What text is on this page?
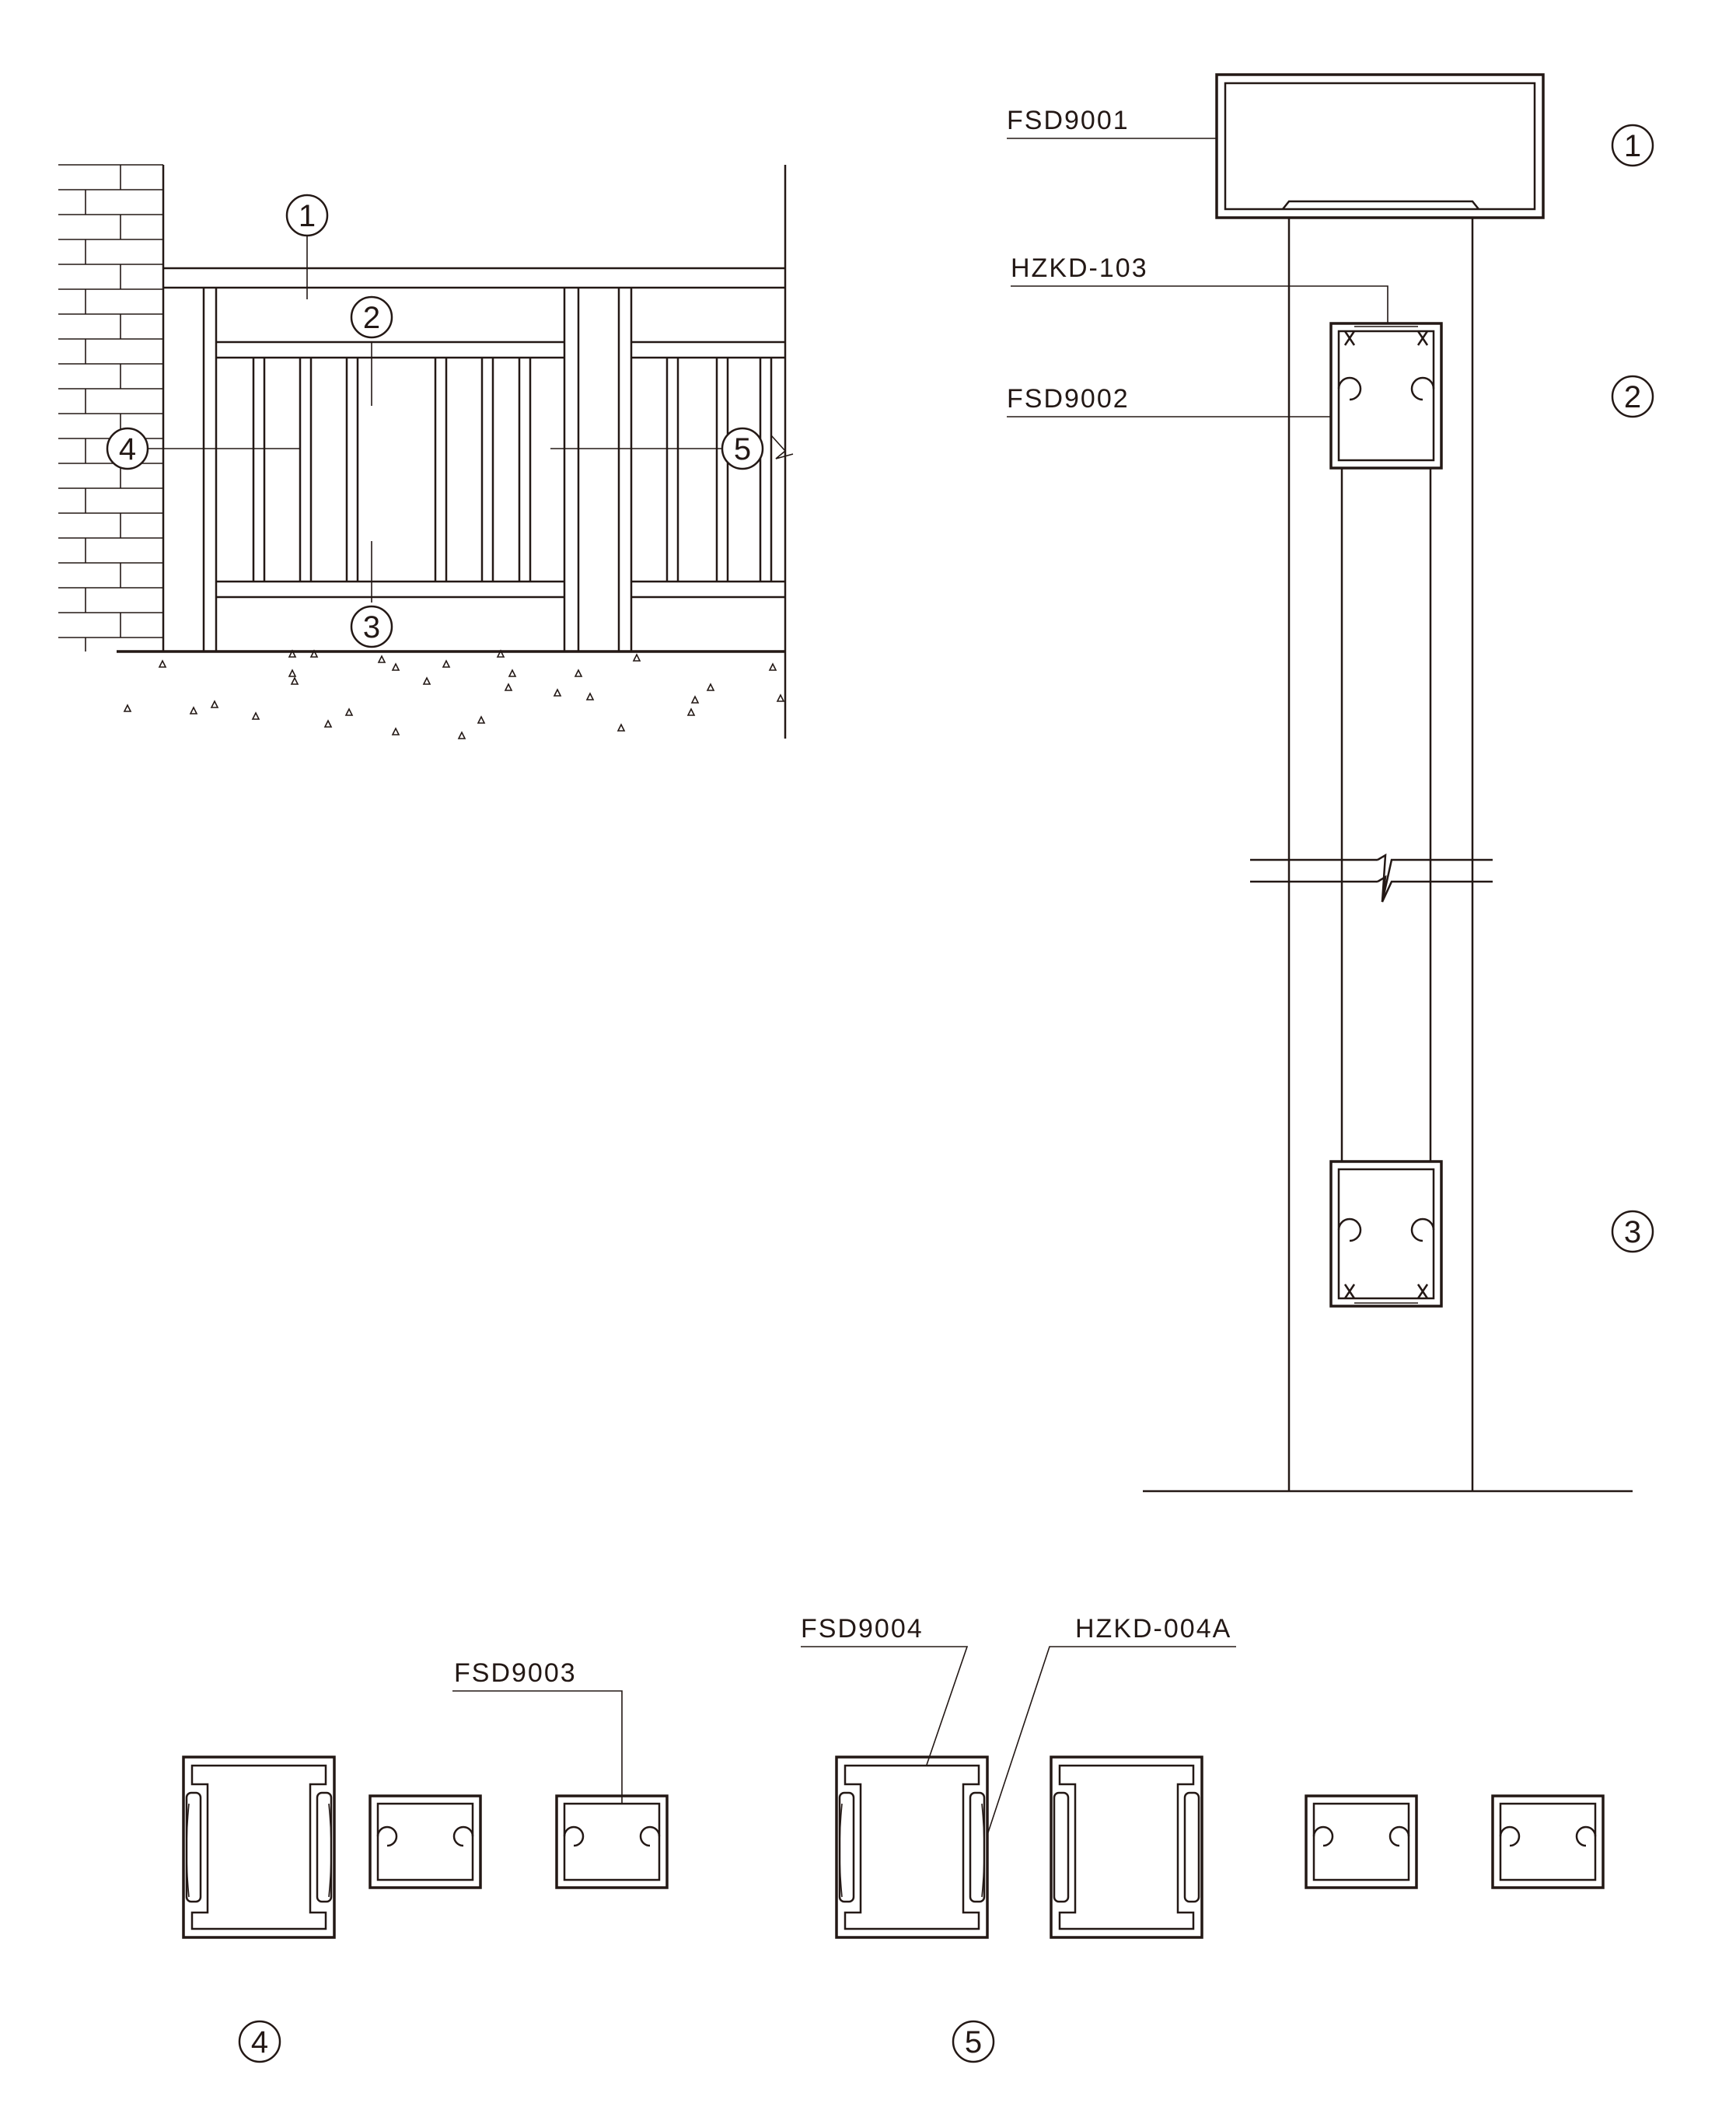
1
2
3
4	5
FSD9001
HZKD-103
FSD9002
1
2
3
FSD9003
4
FSD9004	HZKD-004A
5
